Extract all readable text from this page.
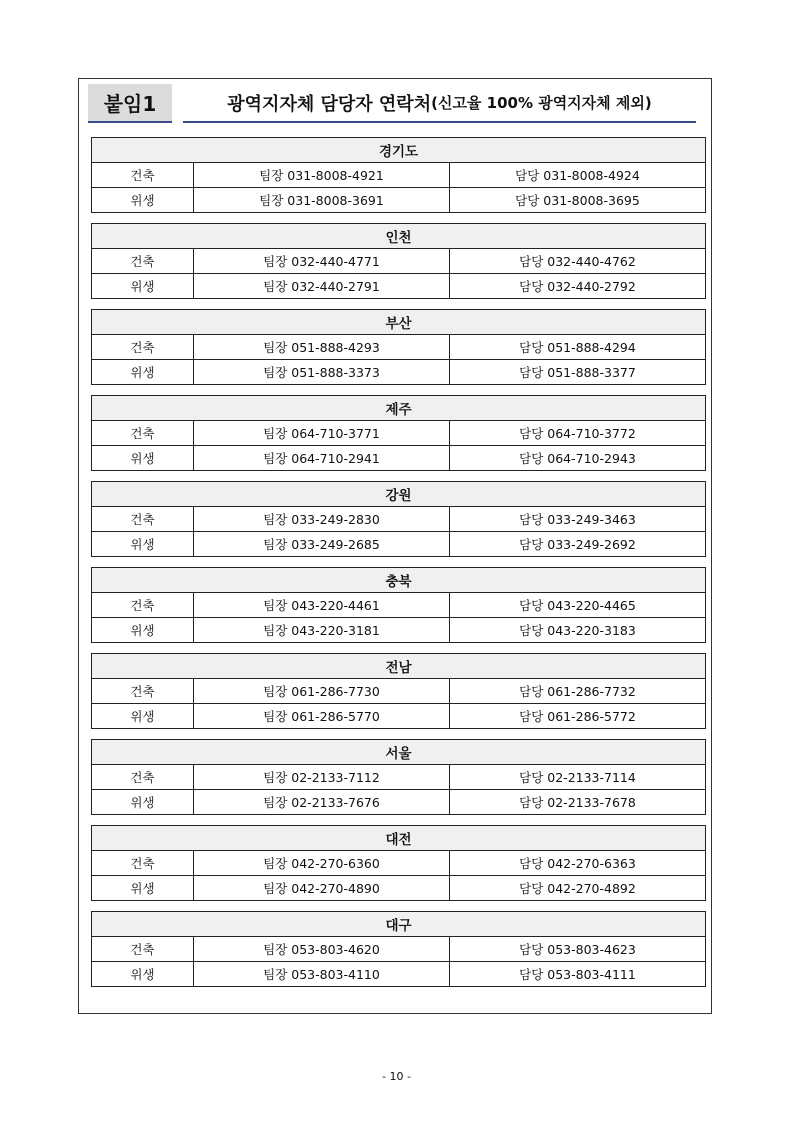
붙임1	광역지자체 담당자 연락처 (신고율 100% 광역지자체 제외)
경기도		
건축	팀장 031-8008-4921	담당 031-8008-4924
위생	팀장 031-8008-3691	담당 031-8008-3695
인천		
건축	팀장 032-440-4771	담당 032-440-4762
위생	팀장 032-440-2791	담당 032-440-2792
부산		
건축	팀장 051-888-4293	담당 051-888-4294
위생	팀장 051-888-3373	담당 051-888-3377
제주		
건축	팀장 064-710-3771	담당 064-710-3772
위생	팀장 064-710-2941	담당 064-710-2943
강원		
건축	팀장 033-249-2830	담당 033-249-3463
위생	팀장 033-249-2685	담당 033-249-2692
충북		
건축	팀장 043-220-4461	담당 043-220-4465
위생	팀장 043-220-3181	담당 043-220-3183
전남		
건축	팀장 061-286-7730	담당 061-286-7732
위생	팀장 061-286-5770	담당 061-286-5772
서울		
건축	팀장 02-2133-7112	담당 02-2133-7114
위생	팀장 02-2133-7676	담당 02-2133-7678
대전		
건축	팀장 042-270-6360	담당 042-270-6363
위생	팀장 042-270-4890	담당 042-270-4892
대구		
건축	팀장 053-803-4620	담당 053-803-4623
위생	팀장 053-803-4110	담당 053-803-4111
- 10 -
